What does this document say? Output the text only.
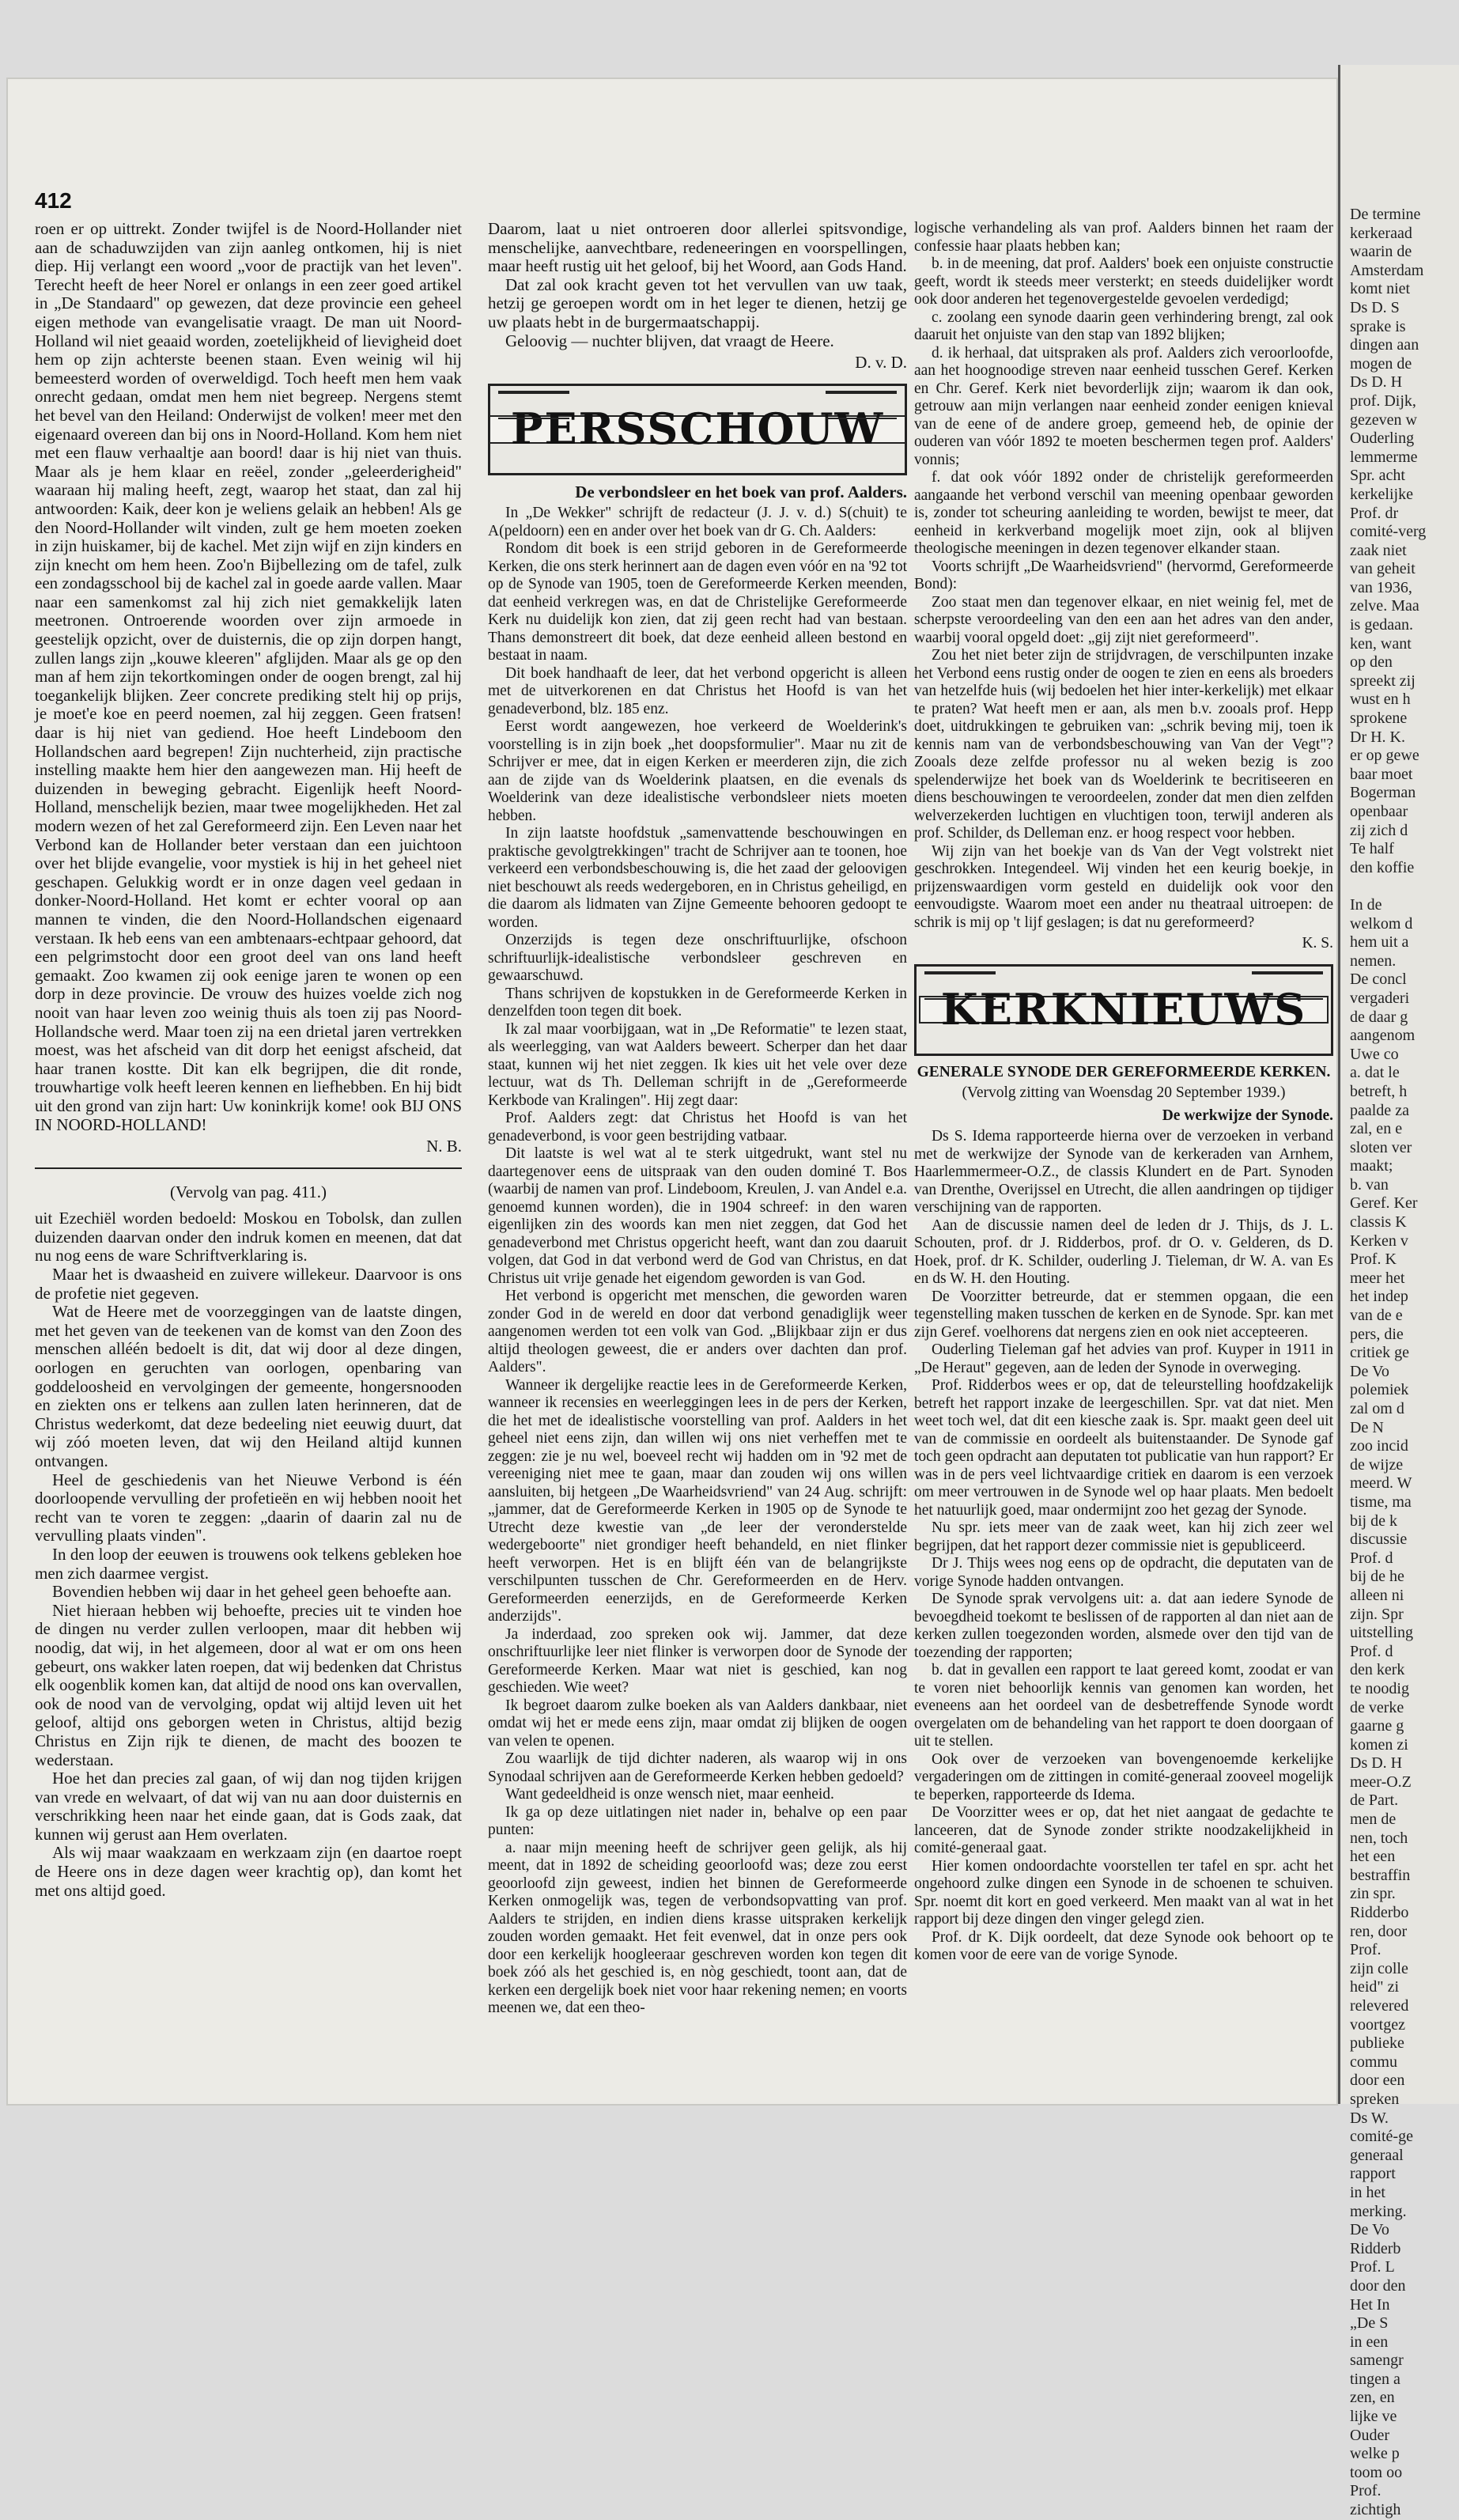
412

roen er op uittrekt. Zonder twijfel is de Noord-Hollander niet aan de schaduwzijden van zijn aanleg ontkomen, hij is niet diep. Hij verlangt een woord „voor de practijk van het leven". Terecht heeft de heer Norel er onlangs in een zeer goed artikel in „De Standaard" op gewezen, dat deze provincie een geheel eigen methode van evangelisatie vraagt. De man uit Noord-Holland wil niet geaaid worden, zoetelijkheid of lievigheid doet hem op zijn achterste beenen staan. Even weinig wil hij bemeesterd worden of overweldigd. Toch heeft men hem vaak onrecht gedaan, omdat men hem niet begreep. Nergens stemt het bevel van den Heiland: Onderwijst de volken! meer met den eigenaard overeen dan bij ons in Noord-Holland. Kom hem niet met een flauw verhaaltje aan boord! daar is hij niet van thuis. Maar als je hem klaar en reëel, zonder „geleerderigheid" waaraan hij maling heeft, zegt, waarop het staat, dan zal hij antwoorden: Kaik, deer kon je weliens gelaik an hebben! Als ge den Noord-Hollander wilt vinden, zult ge hem moeten zoeken in zijn huiskamer, bij de kachel. Met zijn wijf en zijn kinders en zijn knecht om hem heen. Zoo'n Bijbellezing om de tafel, zulk een zondagsschool bij de kachel zal in goede aarde vallen. Maar naar een samenkomst zal hij zich niet gemakkelijk laten meetronen. Ontroerende woorden over zijn armoede in geestelijk opzicht, over de duisternis, die op zijn dorpen hangt, zullen langs zijn „kouwe kleeren" afglijden. Maar als ge op den man af hem zijn tekortkomingen onder de oogen brengt, zal hij toegankelijk blijken. Zeer concrete prediking stelt hij op prijs, je moet'e koe en peerd noemen, zal hij zeggen. Geen fratsen! daar is hij niet van gediend. Hoe heeft Lindeboom den Hollandschen aard begrepen! Zijn nuchterheid, zijn practische instelling maakte hem hier den aangewezen man. Hij heeft de duizenden in beweging gebracht. Eigenlijk heeft Noord-Holland, menschelijk bezien, maar twee mogelijkheden. Het zal modern wezen of het zal Gereformeerd zijn. Een Leven naar het Verbond kan de Hollander beter verstaan dan een juichtoon over het blijde evangelie, voor mystiek is hij in het geheel niet geschapen. Gelukkig wordt er in onze dagen veel gedaan in donker-Noord-Holland. Het komt er echter vooral op aan mannen te vinden, die den Noord-Hollandschen eigenaard verstaan. Ik heb eens van een ambtenaars-echtpaar gehoord, dat een pelgrimstocht door een groot deel van ons land heeft gemaakt. Zoo kwamen zij ook eenige jaren te wonen op een dorp in deze provincie. De vrouw des huizes voelde zich nog nooit van haar leven zoo weinig thuis als toen zij pas Noord-Hollandsche werd. Maar toen zij na een drietal jaren vertrekken moest, was het afscheid van dit dorp het eenigst afscheid, dat haar tranen kostte. Dit kan elk begrijpen, die dit ronde, trouwhartige volk heeft leeren kennen en liefhebben. En hij bidt uit den grond van zijn hart: Uw koninkrijk kome! ook BIJ ONS IN NOORD-HOLLAND!

N. B.
(Vervolg van pag. 411.)

uit Ezechiël worden bedoeld: Moskou en Tobolsk, dan zullen duizenden daarvan onder den indruk komen en meenen, dat dat nu nog eens de ware Schriftverklaring is.

Maar het is dwaasheid en zuivere willekeur. Daarvoor is ons de profetie niet gegeven.

Wat de Heere met de voorzeggingen van de laatste dingen, met het geven van de teekenen van de komst van den Zoon des menschen alléén bedoelt is dit, dat wij door al deze dingen, oorlogen en geruchten van oorlogen, openbaring van goddeloosheid en vervolgingen der gemeente, hongersnooden en ziekten ons er telkens aan zullen laten herinneren, dat de Christus wederkomt, dat deze bedeeling niet eeuwig duurt, dat wij zóó moeten leven, dat wij den Heiland altijd kunnen ontvangen.

Heel de geschiedenis van het Nieuwe Verbond is één doorloopende vervulling der profetieën en wij hebben nooit het recht van te voren te zeggen: „daarin of daarin zal nu de vervulling plaats vinden".

In den loop der eeuwen is trouwens ook telkens gebleken hoe men zich daarmee vergist.

Bovendien hebben wij daar in het geheel geen behoefte aan.

Niet hieraan hebben wij behoefte, precies uit te vinden hoe de dingen nu verder zullen verloopen, maar dit hebben wij noodig, dat wij, in het algemeen, door al wat er om ons heen gebeurt, ons wakker laten roepen, dat wij bedenken dat Christus elk oogenblik komen kan, dat altijd de nood ons kan overvallen, ook de nood van de vervolging, opdat wij altijd leven uit het geloof, altijd ons geborgen weten in Christus, altijd bezig Christus en Zijn rijk te dienen, de macht des boozen te wederstaan.

Hoe het dan precies zal gaan, of wij dan nog tijden krijgen van vrede en welvaart, of dat wij van nu aan door duisternis en verschrikking heen naar het einde gaan, dat is Gods zaak, dat kunnen wij gerust aan Hem overlaten.

Als wij maar waakzaam en werkzaam zijn (en daartoe roept de Heere ons in deze dagen weer krachtig op), dan komt het met ons altijd goed.

Daarom, laat u niet ontroeren door allerlei spitsvondige, menschelijke, aanvechtbare, redeneeringen en voorspellingen, maar heeft rustig uit het geloof, bij het Woord, aan Gods Hand.

Dat zal ook kracht geven tot het vervullen van uw taak, hetzij ge geroepen wordt om in het leger te dienen, hetzij ge uw plaats hebt in de burgermaatschappij.

Geloovig — nuchter blijven, dat vraagt de Heere.

D. v. D.
PERSSCHOUW
De verbondsleer en het boek van prof. Aalders.

In „De Wekker" schrijft de redacteur (J. J. v. d.) S(chuit) te A(peldoorn) een en ander over het boek van dr G. Ch. Aalders:

Rondom dit boek is een strijd geboren in de Gereformeerde Kerken, die ons sterk herinnert aan de dagen even vóór en na '92 tot op de Synode van 1905, toen de Gereformeerde Kerken meenden, dat eenheid verkregen was, en dat de Christelijke Gereformeerde Kerk nu duidelijk kon zien, dat zij geen recht had van bestaan. Thans demonstreert dit boek, dat deze eenheid alleen bestond en bestaat in naam.

Dit boek handhaaft de leer, dat het verbond opgericht is alleen met de uitverkorenen en dat Christus het Hoofd is van het genadeverbond, blz. 185 enz.

Eerst wordt aangewezen, hoe verkeerd de Woelderink's voorstelling is in zijn boek „het doopsformulier". Maar nu zit de Schrijver er mee, dat in eigen Kerken er meerderen zijn, die zich aan de zijde van ds Woelderink plaatsen, en die evenals ds Woelderink van deze idealistische verbondsleer niets moeten hebben.

In zijn laatste hoofdstuk „samenvattende beschouwingen en praktische gevolgtrekkingen" tracht de Schrijver aan te toonen, hoe verkeerd een verbondsbeschouwing is, die het zaad der geloovigen niet beschouwt als reeds wedergeboren, en in Christus geheiligd, en die daarom als lidmaten van Zijne Gemeente behooren gedoopt te worden.

Onzerzijds is tegen deze onschriftuurlijke, ofschoon schriftuurlijk-idealistische verbondsleer geschreven en gewaarschuwd.

Thans schrijven de kopstukken in de Gereformeerde Kerken in denzelfden toon tegen dit boek.

Ik zal maar voorbijgaan, wat in „De Reformatie" te lezen staat, als weerlegging, van wat Aalders beweert. Scherper dan het daar staat, kunnen wij het niet zeggen. Ik kies uit het vele over deze lectuur, wat ds Th. Delleman schrijft in de „Gereformeerde Kerkbode van Kralingen". Hij zegt daar:

Prof. Aalders zegt: dat Christus het Hoofd is van het genadeverbond, is voor geen bestrijding vatbaar.

Dit laatste is wel wat al te sterk uitgedrukt, want stel nu daartegenover eens de uitspraak van den ouden dominé T. Bos (waarbij de namen van prof. Lindeboom, Kreulen, J. van Andel e.a. genoemd kunnen worden), die in 1904 schreef: in den waren eigenlijken zin des woords kan men niet zeggen, dat God het genadeverbond met Christus opgericht heeft, want dan zou daaruit volgen, dat God in dat verbond werd de God van Christus, en dat Christus uit vrije genade het eigendom geworden is van God.

Het verbond is opgericht met menschen, die geworden waren zonder God in de wereld en door dat verbond genadiglijk weer aangenomen werden tot een volk van God. „Blijkbaar zijn er dus altijd theologen geweest, die er anders over dachten dan prof. Aalders".

Wanneer ik dergelijke reactie lees in de Gereformeerde Kerken, wanneer ik recensies en weerleggingen lees in de pers der Kerken, die het met de idealistische voorstelling van prof. Aalders in het geheel niet eens zijn, dan willen wij ons niet verheffen met te zeggen: zie je nu wel, boeveel recht wij hadden om in '92 met de vereeniging niet mee te gaan, maar dan zouden wij ons willen aansluiten, bij hetgeen „De Waarheidsvriend" van 24 Aug. schrijft: „jammer, dat de Gereformeerde Kerken in 1905 op de Synode te Utrecht deze kwestie van „de leer der veronderstelde wedergeboorte" niet grondiger heeft behandeld, en niet flinker heeft verworpen. Het is en blijft één van de belangrijkste verschilpunten tusschen de Chr. Gereformeerden en de Herv. Gereformeerden eenerzijds, en de Gereformeerde Kerken anderzijds".

Ja inderdaad, zoo spreken ook wij. Jammer, dat deze onschriftuurlijke leer niet flinker is verworpen door de Synode der Gereformeerde Kerken. Maar wat niet is geschied, kan nog geschieden. Wie weet?

Ik begroet daarom zulke boeken als van Aalders dankbaar, niet omdat wij het er mede eens zijn, maar omdat zij blijken de oogen van velen te openen.

Zou waarlijk de tijd dichter naderen, als waarop wij in ons Synodaal schrijven aan de Gereformeerde Kerken hebben gedoeld?

Want gedeeldheid is onze wensch niet, maar eenheid.

Ik ga op deze uitlatingen niet nader in, behalve op een paar punten:

a. naar mijn meening heeft de schrijver geen gelijk, als hij meent, dat in 1892 de scheiding geoorloofd was; deze zou eerst geoorloofd zijn geweest, indien het binnen de Gereformeerde Kerken onmogelijk was, tegen de verbondsopvatting van prof. Aalders te strijden, en indien diens krasse uitspraken kerkelijk zouden worden gemaakt. Het feit evenwel, dat in onze pers ook door een kerkelijk hoogleeraar geschreven worden kon tegen dit boek zóó als het geschied is, en nòg geschiedt, toont aan, dat de kerken een dergelijk boek niet voor haar rekening nemen; en voorts meenen we, dat een theo-

logische verhandeling als van prof. Aalders binnen het raam der confessie haar plaats hebben kan;

b. in de meening, dat prof. Aalders' boek een onjuiste constructie geeft, wordt ik steeds meer versterkt; en steeds duidelijker wordt ook door anderen het tegenovergestelde gevoelen verdedigd;

c. zoolang een synode daarin geen verhindering brengt, zal ook daaruit het onjuiste van den stap van 1892 blijken;

d. ik herhaal, dat uitspraken als prof. Aalders zich veroorloofde, aan het hoognoodige streven naar eenheid tusschen Geref. Kerken en Chr. Geref. Kerk niet bevorderlijk zijn; waarom ik dan ook, getrouw aan mijn verlangen naar eenheid zonder eenigen knieval van de eene of de andere groep, gemeend heb, de opinie der ouderen van vóór 1892 te moeten beschermen tegen prof. Aalders' vonnis;

f. dat ook vóór 1892 onder de christelijk gereformeerden aangaande het verbond verschil van meening openbaar geworden is, zonder tot scheuring aanleiding te worden, bewijst te meer, dat eenheid in kerkverband mogelijk moet zijn, ook al blijven theologische meeningen in dezen tegenover elkander staan.

Voorts schrijft „De Waarheidsvriend" (hervormd, Gereformeerde Bond):

Zoo staat men dan tegenover elkaar, en niet weinig fel, met de scherpste veroordeeling van den een aan het adres van den ander, waarbij vooral opgeld doet: „gij zijt niet gereformeerd".

Zou het niet beter zijn de strijdvragen, de verschilpunten inzake het Verbond eens rustig onder de oogen te zien en eens als broeders van hetzelfde huis (wij bedoelen het hier inter-kerkelijk) met elkaar te praten? Wat heeft men er aan, als men b.v. zooals prof. Hepp doet, uitdrukkingen te gebruiken van: „schrik beving mij, toen ik kennis nam van de verbondsbeschouwing van Van der Vegt"? Zooals deze zelfde professor nu al weken bezig is zoo spelenderwijze het boek van ds Woelderink te becritiseeren en diens beschouwingen te veroordeelen, zonder dat men dien zelfden welverzekerden luchtigen en vluchtigen toon, terwijl anderen als prof. Schilder, ds Delleman enz. er hoog respect voor hebben.

Wij zijn van het boekje van ds Van der Vegt volstrekt niet geschrokken. Integendeel. Wij vinden het een keurig boekje, in prijzenswaardigen vorm gesteld en duidelijk ook voor den eenvoudigste. Waarom moet een ander nu theatraal uitroepen: de schrik is mij op 't lijf geslagen; is dat nu gereformeerd?

K. S.
KERKNIEUWS
GENERALE SYNODE DER GEREFORMEERDE KERKEN.
(Vervolg zitting van Woensdag 20 September 1939.)
De werkwijze der Synode.

Ds S. Idema rapporteerde hierna over de verzoeken in verband met de werkwijze der Synode van de kerkeraden van Arnhem, Haarlemmermeer-O.Z., de classis Klundert en de Part. Synoden van Drenthe, Overijssel en Utrecht, die allen aandringen op tijdiger verschijning van de rapporten.

Aan de discussie namen deel de leden dr J. Thijs, ds J. L. Schouten, prof. dr J. Ridderbos, prof. dr O. v. Gelderen, ds D. Hoek, prof. dr K. Schilder, ouderling J. Tieleman, dr W. A. van Es en ds W. H. den Houting.

De Voorzitter betreurde, dat er stemmen opgaan, die een tegenstelling maken tusschen de kerken en de Synode. Spr. kan met zijn Geref. voelhorens dat nergens zien en ook niet accepteeren.

Ouderling Tieleman gaf het advies van prof. Kuyper in 1911 in „De Heraut" gegeven, aan de leden der Synode in overweging.

Prof. Ridderbos wees er op, dat de teleurstelling hoofdzakelijk betreft het rapport inzake de leergeschillen. Spr. vat dat niet. Men weet toch wel, dat dit een kiesche zaak is. Spr. maakt geen deel uit van de commissie en oordeelt als buitenstaander. De Synode gaf toch geen opdracht aan deputaten tot publicatie van hun rapport? Er was in de pers veel lichtvaardige critiek en daarom is een verzoek om meer vertrouwen in de Synode wel op haar plaats. Men bedoelt het natuurlijk goed, maar ondermijnt zoo het gezag der Synode.

Nu spr. iets meer van de zaak weet, kan hij zich zeer wel begrijpen, dat het rapport dezer commissie niet is gepubliceerd.

Dr J. Thijs wees nog eens op de opdracht, die deputaten van de vorige Synode hadden ontvangen.

De Synode sprak vervolgens uit: a. dat aan iedere Synode de bevoegdheid toekomt te beslissen of de rapporten al dan niet aan de kerken zullen toegezonden worden, alsmede over den tijd van de toezending der rapporten;

b. dat in gevallen een rapport te laat gereed komt, zoodat er van te voren niet behoorlijk kennis van genomen kan worden, het eveneens aan het oordeel van de desbetreffende Synode wordt overgelaten om de behandeling van het rapport te doen doorgaan of uit te stellen.

Ook over de verzoeken van bovengenoemde kerkelijke vergaderingen om de zittingen in comité-generaal zooveel mogelijk te beperken, rapporteerde ds Idema.

De Voorzitter wees er op, dat het niet aangaat de gedachte te lanceeren, dat de Synode zonder strikte noodzakelijkheid in comité-generaal gaat.

Hier komen ondoordachte voorstellen ter tafel en spr. acht het ongehoord zulke dingen een Synode in de schoenen te schuiven. Spr. noemt dit kort en goed verkeerd. Men maakt van al wat in het rapport bij deze dingen den vinger gelegd zien.

Prof. dr K. Dijk oordeelt, dat deze Synode ook behoort op te komen voor de eere van de vorige Synode.

De termine
kerkeraad
waarin de
Amsterdam
komt niet
Ds D. S
sprake is
dingen aan
mogen de
Ds D. H
prof. Dijk,
gezeven w
Ouderling
lemmerme
Spr. acht
kerkelijke
Prof. dr
comité-verg
zaak niet
van geheit
van 1936,
zelve. Maa
is gedaan.
ken, want
op den
spreekt zij
wust en h
sprokene
Dr H. K.
er op gewe
baar moet
Bogerman
openbaar
zij zich d
Te half
den koffie

In de
welkom d
hem uit a
nemen.
De concl
vergaderi
de daar g
aangenom
Uwe co
a. dat le
betreft, h
paalde za
zal, en e
sloten ver
maakt;
b. van
Geref. Ker
classis K
Kerken v
Prof. K
meer het
het indep
van de e
pers, die
critiek ge
De Vo
polemiek
zal om d
De N
zoo incid
de wijze
meerd. W
tisme, ma
bij de k
discussie
Prof. d
bij de he
alleen ni
zijn. Spr
uitstelling
Prof. d
den kerk
te noodig
de verke
gaarne g
komen zi
Ds D. H
meer-O.Z
de Part.
men de
nen, toch
het een
bestraffin
zin spr.
Ridderbo
ren, door
Prof.
zijn colle
heid" zi
relevered
voortgez
publieke
commu
door een
spreken
Ds W.
comité-ge
generaal
rapport
in het
merking.
De Vo
Ridderb
Prof. L
door den
Het In
„De S
in een
samengr
tingen a
zen, en
lijke ve
Ouder
welke p
toom oo
Prof.
zichtigh
